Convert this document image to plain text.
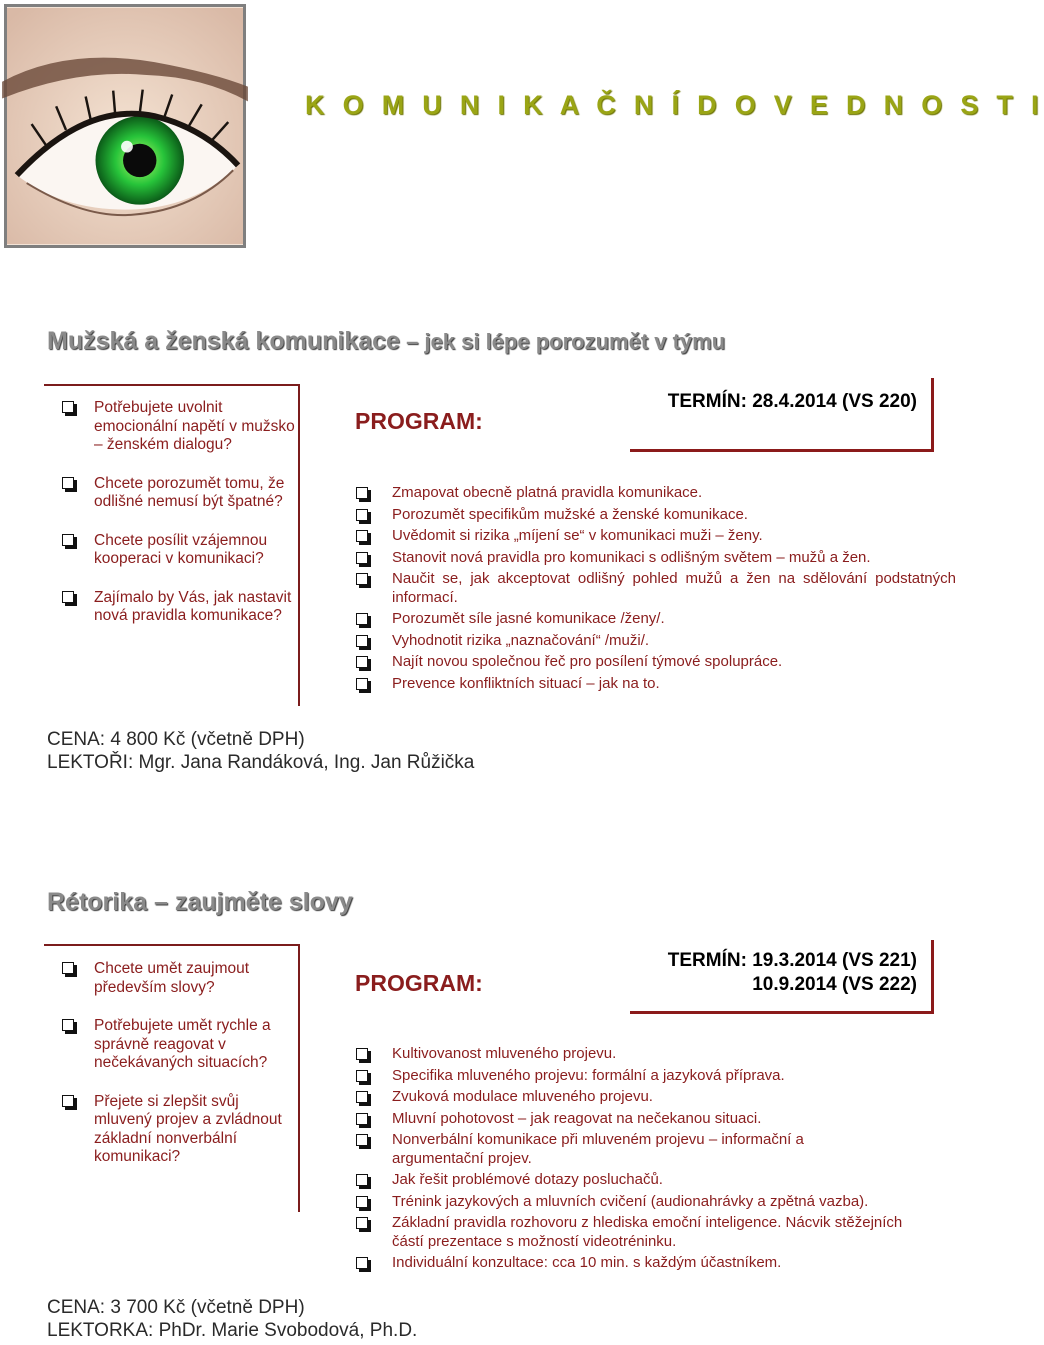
K O M U N I K A Č N Í D O V E D N O S T I
Mužská a ženská komunikace – jek si lépe porozumět v týmu
Potřebujete uvolnit emocionální napětí v mužsko – ženském dialogu?
Chcete porozumět tomu, že odlišné nemusí být špatné?
Chcete posílit vzájemnou kooperaci v komunikaci?
Zajímalo by Vás, jak nastavit nová pravidla komunikace?
PROGRAM:
TERMÍN: 28.4.2014 (VS 220)
Zmapovat obecně platná pravidla komunikace.
Porozumět specifikům mužské a ženské komunikace.
Uvědomit si rizika „míjení se“ v komunikaci muži – ženy.
Stanovit nová pravidla pro komunikaci s odlišným světem – mužů a žen.
Naučit se, jak akceptovat odlišný pohled mužů a žen na sdělování podstatných informací.
Porozumět síle jasné komunikace /ženy/.
Vyhodnotit rizika „naznačování“ /muži/.
Najít novou společnou řeč pro posílení týmové spolupráce.
Prevence konfliktních situací – jak na to.
CENA: 4 800 Kč (včetně DPH)
LEKTOŘI: Mgr. Jana Randáková, Ing. Jan Růžička
Rétorika – zaujměte slovy
Chcete umět zaujmout především slovy?
Potřebujete umět rychle a správně reagovat v nečekávaných situacích?
Přejete si zlepšit svůj mluvený projev a zvládnout základní nonverbální komunikaci?
PROGRAM:
TERMÍN: 19.3.2014 (VS 221)
10.9.2014 (VS 222)
Kultivovanost mluveného projevu.
Specifika mluveného projevu: formální a jazyková příprava.
Zvuková modulace mluveného projevu.
Mluvní pohotovost – jak reagovat na nečekanou situaci.
Nonverbální komunikace při mluveném projevu – informační a argumentační projev.
Jak řešit problémové dotazy posluchačů.
Trénink jazykových a mluvních cvičení (audionahrávky a zpětná vazba).
Základní pravidla rozhovoru z hlediska emoční inteligence. Nácvik stěžejních částí prezentace s možností videotréninku.
Individuální konzultace: cca 10 min. s každým účastníkem.
CENA: 3 700 Kč (včetně DPH)
LEKTORKA: PhDr. Marie Svobodová, Ph.D.
